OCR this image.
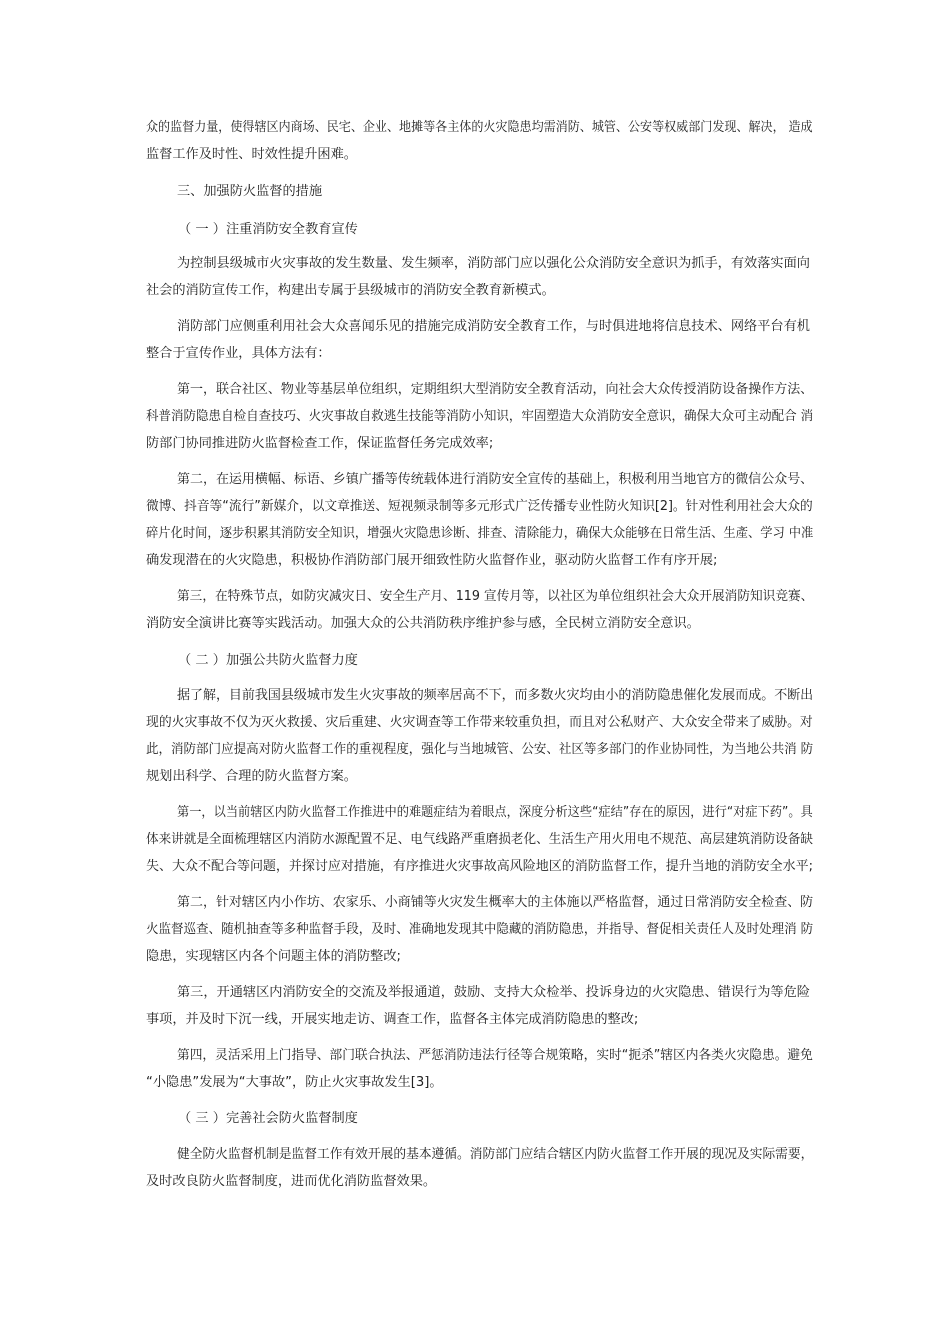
众的监督力量，使得辖区内商场、民宅、企业、地摊等各主体的火灾隐患均需消防、城管、公安等权威部门发现、解决， 造成

监督工作及时性、时效性提升困难。

三、加强防火监督的措施

（ 一 ）注重消防安全教育宣传

为控制县级城市火灾事故的发生数量、发生频率，消防部门应以强化公众消防安全意识为抓手，有效落实面向

社会的消防宣传工作，构建出专属于县级城市的消防安全教育新模式。

消防部门应侧重利用社会大众喜闻乐见的措施完成消防安全教育工作，与时俱进地将信息技术、网络平台有机

整合于宣传作业，具体方法有：

第一，联合社区、物业等基层单位组织，定期组织大型消防安全教育活动，向社会大众传授消防设备操作方法、

科普消防隐患自检自查技巧、火灾事故自救逃生技能等消防小知识，牢固塑造大众消防安全意识，确保大众可主动配合 消

防部门协同推进防火监督检查工作，保证监督任务完成效率;

第二，在运用横幅、标语、乡镇广播等传统载体进行消防安全宣传的基础上，积极利用当地官方的微信公众号、

微博、抖音等“流行”新媒介，以文章推送、短视频录制等多元形式广泛传播专业性防火知识[2]。针对性利用社会大众的

碎片化时间，逐步积累其消防安全知识，增强火灾隐患诊断、排查、清除能力，确保大众能够在日常生活、生產、学习 中准

确发现潜在的火灾隐患，积极协作消防部门展开细致性防火监督作业，驱动防火监督工作有序开展;

第三，在特殊节点，如防灾减灾日、安全生产月、119 宣传月等，以社区为单位组织社会大众开展消防知识竞赛、

消防安全演讲比赛等实践活动。加强大众的公共消防秩序维护参与感，全民树立消防安全意识。

（ 二 ）加强公共防火监督力度

据了解，目前我国县级城市发生火灾事故的频率居高不下，而多数火灾均由小的消防隐患催化发展而成。不断出

现的火灾事故不仅为灭火救援、灾后重建、火灾调查等工作带来较重负担，而且对公私财产、大众安全带来了威胁。对

此，消防部门应提高对防火监督工作的重视程度，强化与当地城管、公安、社区等多部门的作业协同性，为当地公共消 防

规划出科学、合理的防火监督方案。

第一，以当前辖区内防火监督工作推进中的难题症结为着眼点，深度分析这些“症结”存在的原因，进行“对症下药”。具

体来讲就是全面梳理辖区内消防水源配置不足、电气线路严重磨损老化、生活生产用火用电不规范、高层建筑消防设备缺

失、大众不配合等问题，并探讨应对措施，有序推进火灾事故高风险地区的消防监督工作，提升当地的消防安全水平;

第二，针对辖区内小作坊、农家乐、小商铺等火灾发生概率大的主体施以严格监督，通过日常消防安全检查、防

火监督巡查、随机抽查等多种监督手段，及时、准确地发现其中隐藏的消防隐患，并指导、督促相关责任人及时处理消 防

隐患，实现辖区内各个问题主体的消防整改;

第三，开通辖区内消防安全的交流及举报通道，鼓励、支持大众检举、投诉身边的火灾隐患、错误行为等危险

事项，并及时下沉一线，开展实地走访、调查工作，监督各主体完成消防隐患的整改;

第四，灵活采用上门指导、部门联合执法、严惩消防违法行径等合规策略，实时“扼杀”辖区内各类火灾隐患。避免

“小隐患”发展为“大事故”，防止火灾事故发生[3]。

（ 三 ）完善社会防火监督制度

健全防火监督机制是监督工作有效开展的基本遵循。消防部门应结合辖区内防火监督工作开展的现况及实际需要，

及时改良防火监督制度，进而优化消防监督效果。
